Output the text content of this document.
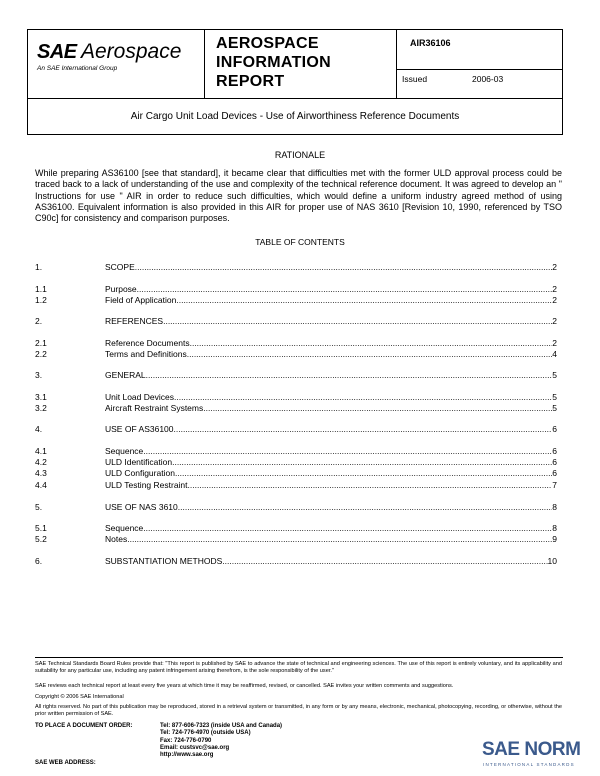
SAE Aerospace
An SAE International Group
AEROSPACE
INFORMATION
REPORT
AIR36106
Issued	2006-03
Air Cargo Unit Load Devices - Use of Airworthiness Reference Documents
RATIONALE
While preparing AS36100 [see that standard], it became clear that difficulties met with the former ULD approval process could be traced back to a lack of understanding of the use and complexity of the technical reference document. It was agreed to develop an " Instructions for use " AIR in order to reduce such difficulties, which would define a uniform industry agreed method of using AS36100. Equivalent information is also provided in this AIR for proper use of NAS 3610 [Revision 10, 1990, referenced by TSO C90c] for consistency and comparison purposes.
TABLE OF CONTENTS
1.	SCOPE .....	2
1.1	Purpose .....	2
1.2	Field of Application .....	2
2.	REFERENCES .....	2
2.1	Reference Documents .....	2
2.2	Terms and Definitions .....	4
3.	GENERAL .....	5
3.1	Unit Load Devices .....	5
3.2	Aircraft Restraint Systems .....	5
4.	USE OF AS36100 .....	6
4.1	Sequence .....	6
4.2	ULD Identification .....	6
4.3	ULD Configuration .....	6
4.4	ULD Testing Restraint .....	7
5.	USE OF NAS 3610 .....	8
5.1	Sequence .....	8
5.2	Notes .....	9
6.	SUBSTANTIATION METHODS .....	10
SAE Technical Standards Board Rules provide that: "This report is published by SAE to advance the state of technical and engineering sciences. The use of this report is entirely voluntary, and its applicability and suitability for any particular use, including any patent infringement arising therefrom, is the sole responsibility of the user."
SAE reviews each technical report at least every five years at which time it may be reaffirmed, revised, or cancelled. SAE invites your written comments and suggestions.
Copyright © 2006 SAE International
All rights reserved. No part of this publication may be reproduced, stored in a retrieval system or transmitted, in any form or by any means, electronic, mechanical, photocopying, recording, or otherwise, without the prior written permission of SAE.
TO PLACE A DOCUMENT ORDER:	Tel: 877-606-7323 (inside USA and Canada)
Tel: 724-776-4970 (outside USA)
Fax: 724-776-0790
Email: custsvc@sae.org
http://www.sae.org
SAE WEB ADDRESS:
SAE NORM
INTERNATIONAL STANDARDS
